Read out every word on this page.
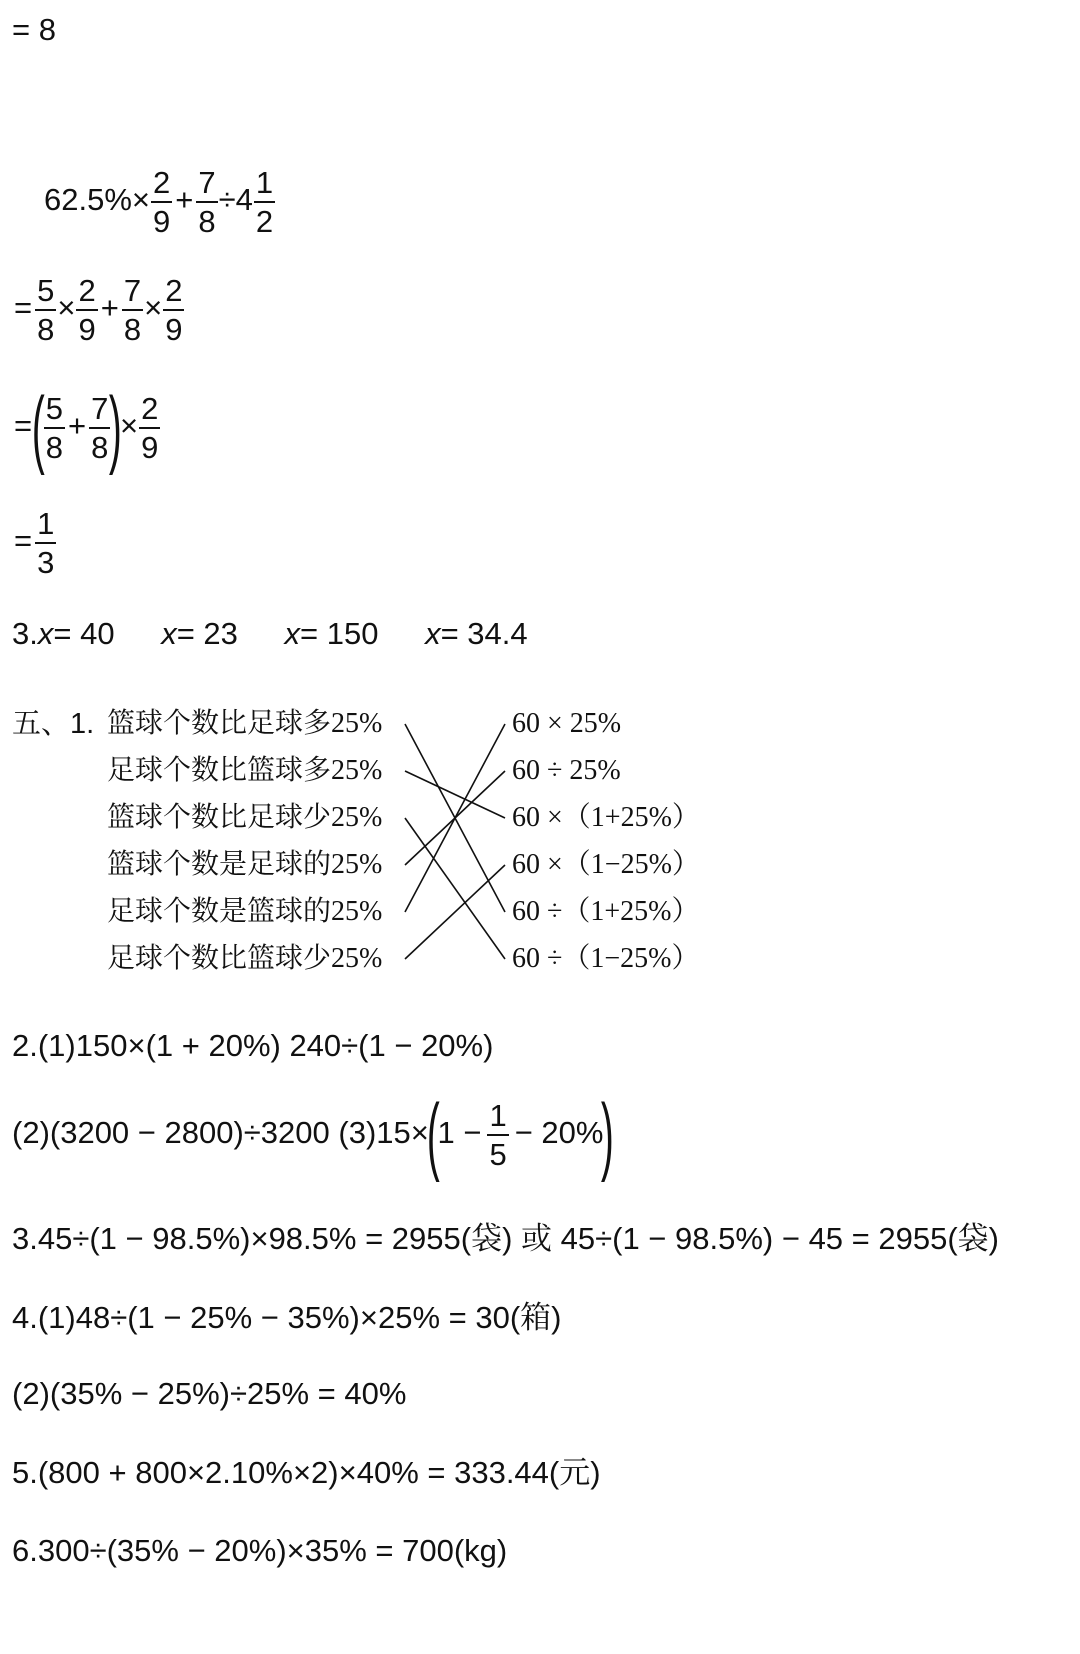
= 8
$62.5\%\times \frac{2}{9} + \frac{7}{8} \div 4 \frac{1}{2}$
= $\frac{5}{8} \times \frac{2}{9} + \frac{7}{8} \times \frac{2}{9}$
=(
$\frac{5}{8} + \frac{7}{8}$
)× $\frac{2}{9}$
= $\frac{1}{3}$
3.x= 40 x= 23 x= 150 x= 34.4
五、1. 篮球个数比足球多25%
足球个数比篮球多25%
篮球个数比足球少25%
篮球个数是足球的25%
足球个数是篮球的25%
足球个数比篮球少25%
60 × 25%
60 ÷ 25%
60 ×（1+25%）
60 ×（1−25%）
60 ÷（1+25%）
60 ÷（1−25%）
2.(1)150×(1 + 20%) 240÷(1 − 20%)
(2)(3200 − 2800)÷3200 $(3)15\times(1 - \frac{1}{5} - 20\%)$
3.45÷(1 − 98.5%)×98.5% = 2955(袋) 或 45÷(1 − 98.5%) − 45 = 2955(袋)
4.(1)48÷(1 − 25% − 35%)×25% = 30(箱)
(2)(35% − 25%)÷25% = 40%
5.(800 + 800×2.10%×2)×40% = 333.44(元)
6.300÷(35% − 20%)×35% = 700(kg)
